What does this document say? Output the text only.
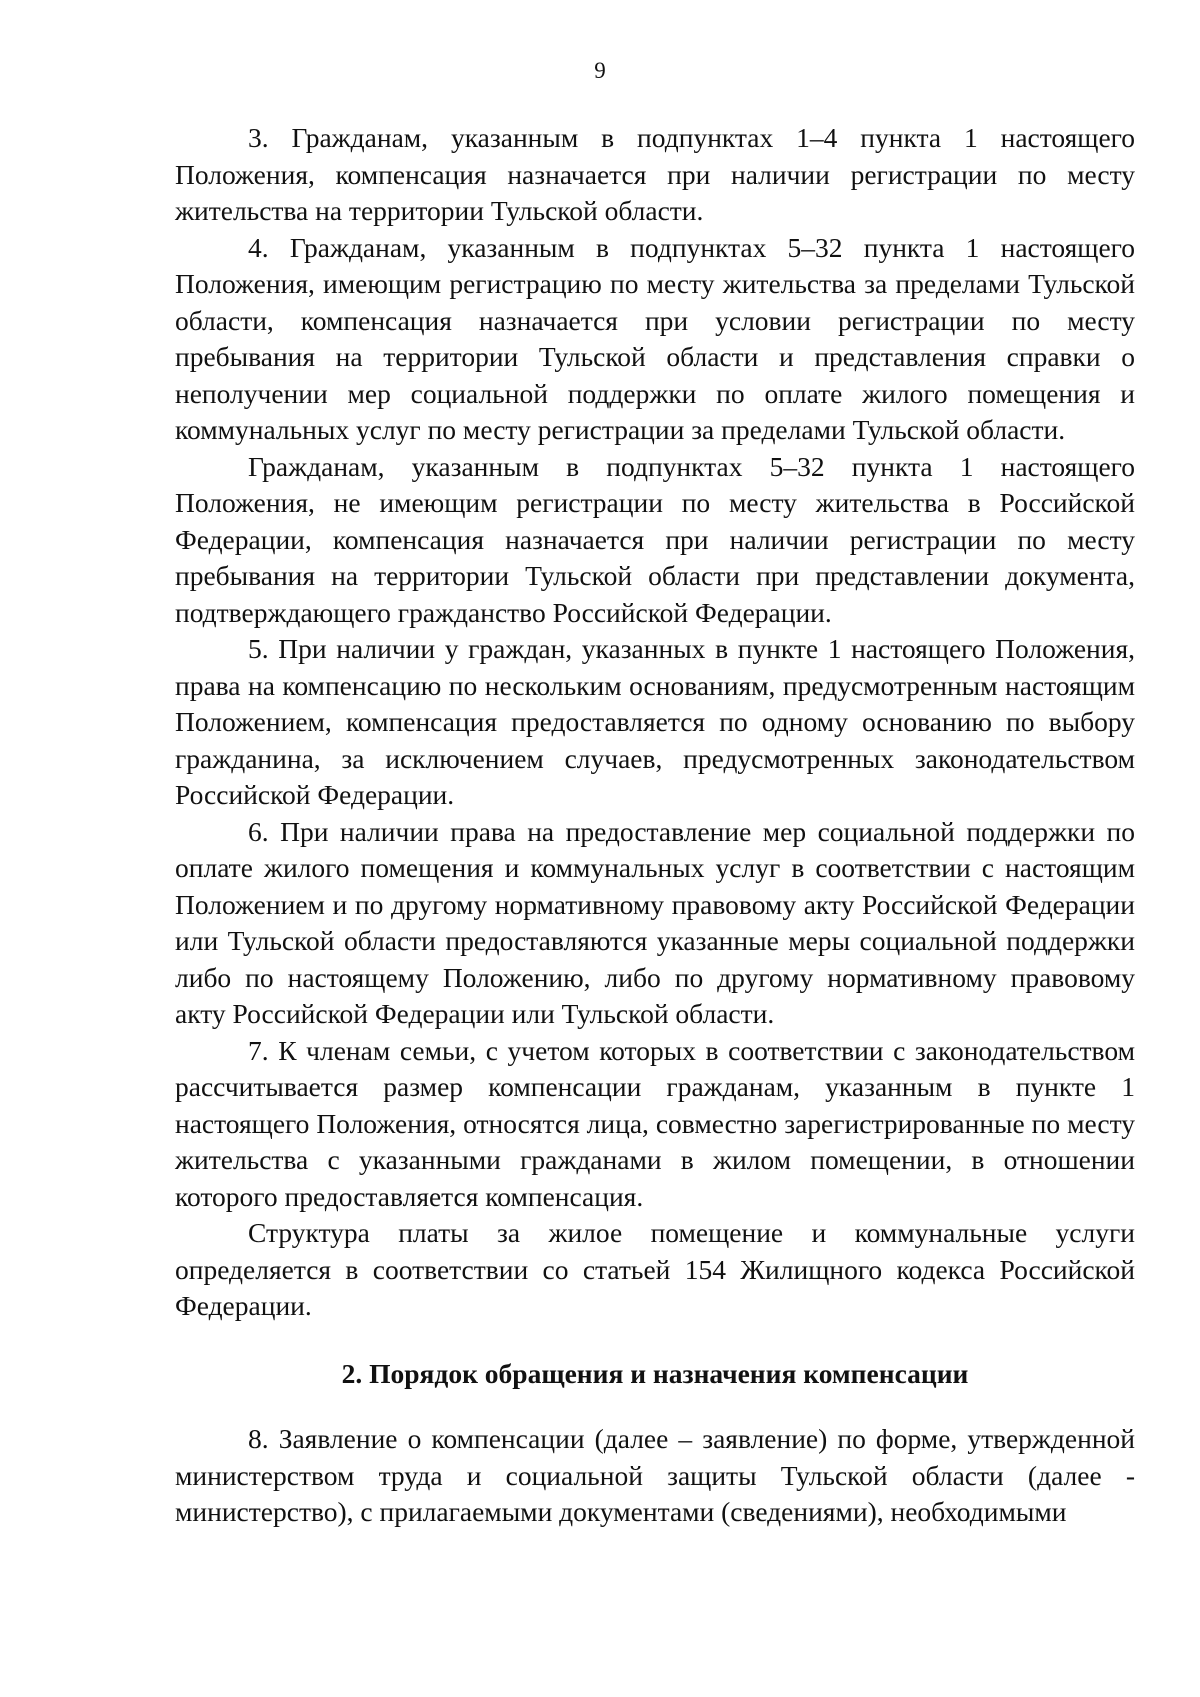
9

3. Гражданам, указанным в подпунктах 1–4 пункта 1 настоящего Положения, компенсация назначается при наличии регистрации по месту жительства на территории Тульской области.

4. Гражданам, указанным в подпунктах 5–32 пункта 1 настоящего Положения, имеющим регистрацию по месту жительства за пределами Тульской области, компенсация назначается при условии регистрации по месту пребывания на территории Тульской области и представления справки о неполучении мер социальной поддержки по оплате жилого помещения и коммунальных услуг по месту регистрации за пределами Тульской области.

Гражданам, указанным в подпунктах 5–32 пункта 1 настоящего Положения, не имеющим регистрации по месту жительства в Российской Федерации, компенсация назначается при наличии регистрации по месту пребывания на территории Тульской области при представлении документа, подтверждающего гражданство Российской Федерации.

5. При наличии у граждан, указанных в пункте 1 настоящего Положения, права на компенсацию по нескольким основаниям, предусмотренным настоящим Положением, компенсация предоставляется по одному основанию по выбору гражданина, за исключением случаев, предусмотренных законодательством Российской Федерации.

6. При наличии права на предоставление мер социальной поддержки по оплате жилого помещения и коммунальных услуг в соответствии с настоящим Положением и по другому нормативному правовому акту Российской Федерации или Тульской области предоставляются указанные меры социальной поддержки либо по настоящему Положению, либо по другому нормативному правовому акту Российской Федерации или Тульской области.

7. К членам семьи, с учетом которых в соответствии с законодательством рассчитывается размер компенсации гражданам, указанным в пункте 1 настоящего Положения, относятся лица, совместно зарегистрированные по месту жительства с указанными гражданами в жилом помещении, в отношении которого предоставляется компенсация.

Структура платы за жилое помещение и коммунальные услуги определяется в соответствии со статьей 154 Жилищного кодекса Российской Федерации.

2. Порядок обращения и назначения компенсации

8. Заявление о компенсации (далее – заявление) по форме, утвержденной министерством труда и социальной защиты Тульской области (далее - министерство), с прилагаемыми документами (сведениями), необходимыми
